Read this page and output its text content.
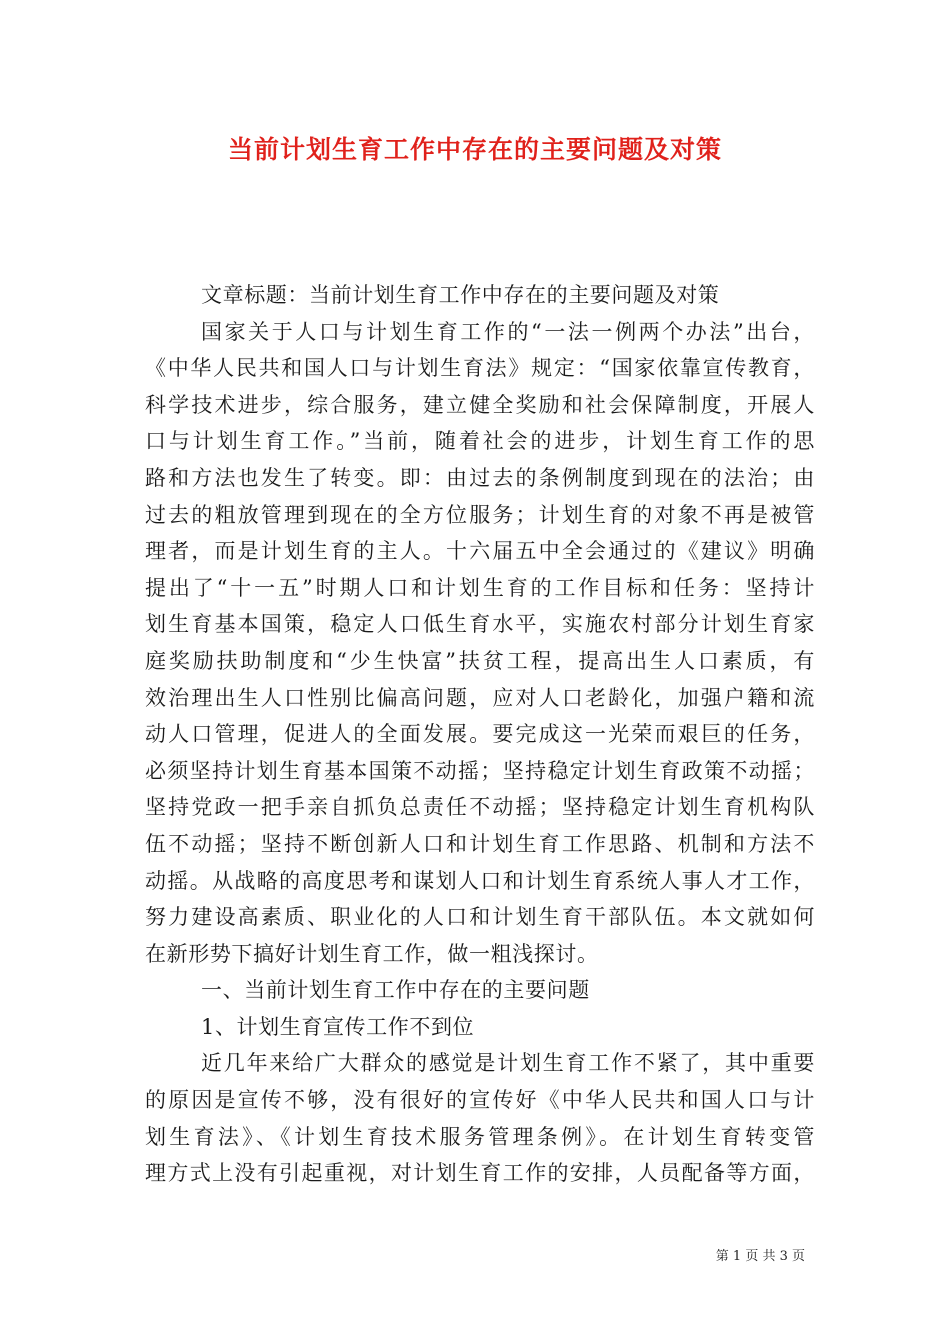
当前计划生育工作中存在的主要问题及对策
文章标题：当前计划生育工作中存在的主要问题及对策
国家关于人口与计划生育工作的“一法一例两个办法”出台，
《中华人民共和国人口与计划生育法》规定：“国家依靠宣传教育，
科学技术进步，综合服务，建立健全奖励和社会保障制度，开展人
口与计划生育工作。”当前，随着社会的进步，计划生育工作的思
路和方法也发生了转变。即：由过去的条例制度到现在的法治；由
过去的粗放管理到现在的全方位服务；计划生育的对象不再是被管
理者，而是计划生育的主人。十六届五中全会通过的《建议》明确
提出了“十一五”时期人口和计划生育的工作目标和任务：坚持计
划生育基本国策，稳定人口低生育水平，实施农村部分计划生育家
庭奖励扶助制度和“少生快富”扶贫工程，提高出生人口素质，有
效治理出生人口性别比偏高问题，应对人口老龄化，加强户籍和流
动人口管理，促进人的全面发展。要完成这一光荣而艰巨的任务，
必须坚持计划生育基本国策不动摇；坚持稳定计划生育政策不动摇；
坚持党政一把手亲自抓负总责任不动摇；坚持稳定计划生育机构队
伍不动摇；坚持不断创新人口和计划生育工作思路、机制和方法不
动摇。从战略的高度思考和谋划人口和计划生育系统人事人才工作，
努力建设高素质、职业化的人口和计划生育干部队伍。本文就如何
在新形势下搞好计划生育工作，做一粗浅探讨。
一、当前计划生育工作中存在的主要问题
1、计划生育宣传工作不到位
近几年来给广大群众的感觉是计划生育工作不紧了，其中重要
的原因是宣传不够，没有很好的宣传好《中华人民共和国人口与计
划生育法》、《计划生育技术服务管理条例》。在计划生育转变管
理方式上没有引起重视，对计划生育工作的安排，人员配备等方面，
第 1 页 共 3 页
